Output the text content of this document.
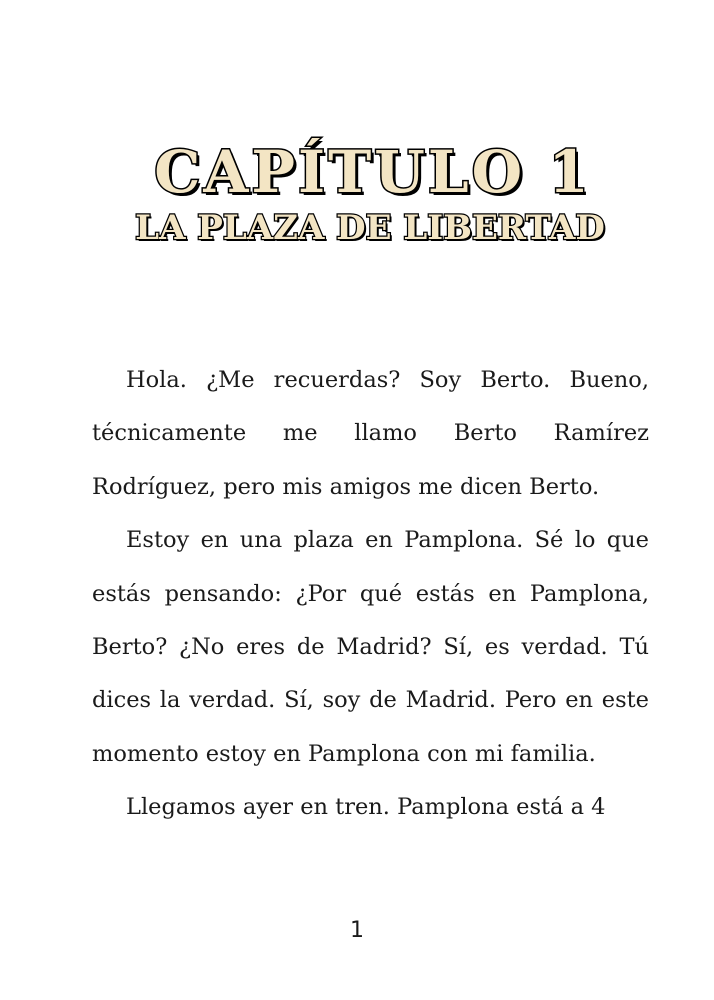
CAPÍTULO 1
LA PLAZA DE LIBERTAD

Hola. ¿Me recuerdas? Soy Berto. Bueno, técnicamente me llamo Berto Ramírez Rodríguez, pero mis amigos me dicen Berto.

Estoy en una plaza en Pamplona. Sé lo que estás pensando: ¿Por qué estás en Pamplona, Berto? ¿No eres de Madrid? Sí, es verdad. Tú dices la verdad. Sí, soy de Madrid. Pero en este momento estoy en Pamplona con mi familia.

Llegamos ayer en tren. Pamplona está a 4

1
